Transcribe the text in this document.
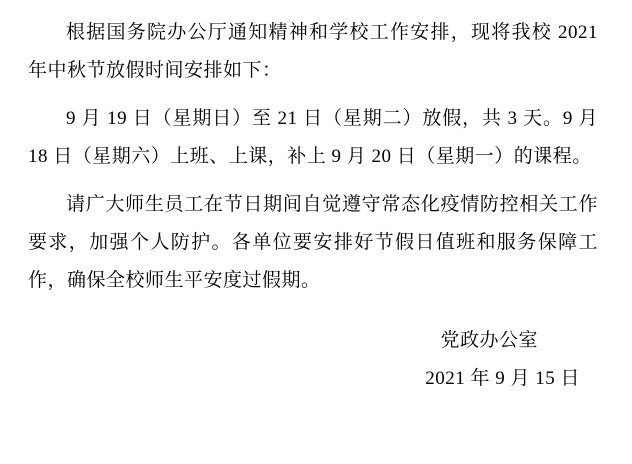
根据国务院办公厅通知精神和学校工作安排，现将我校 2021 年中秋节放假时间安排如下：

9 月 19 日（星期日）至 21 日（星期二）放假，共 3 天。9 月 18 日（星期六）上班、上课，补上 9 月 20 日（星期一）的课程。

请广大师生员工在节日期间自觉遵守常态化疫情防控相关工作要求，加强个人防护。各单位要安排好节假日值班和服务保障工作，确保全校师生平安度过假期。

党政办公室

2021 年 9 月 15 日
